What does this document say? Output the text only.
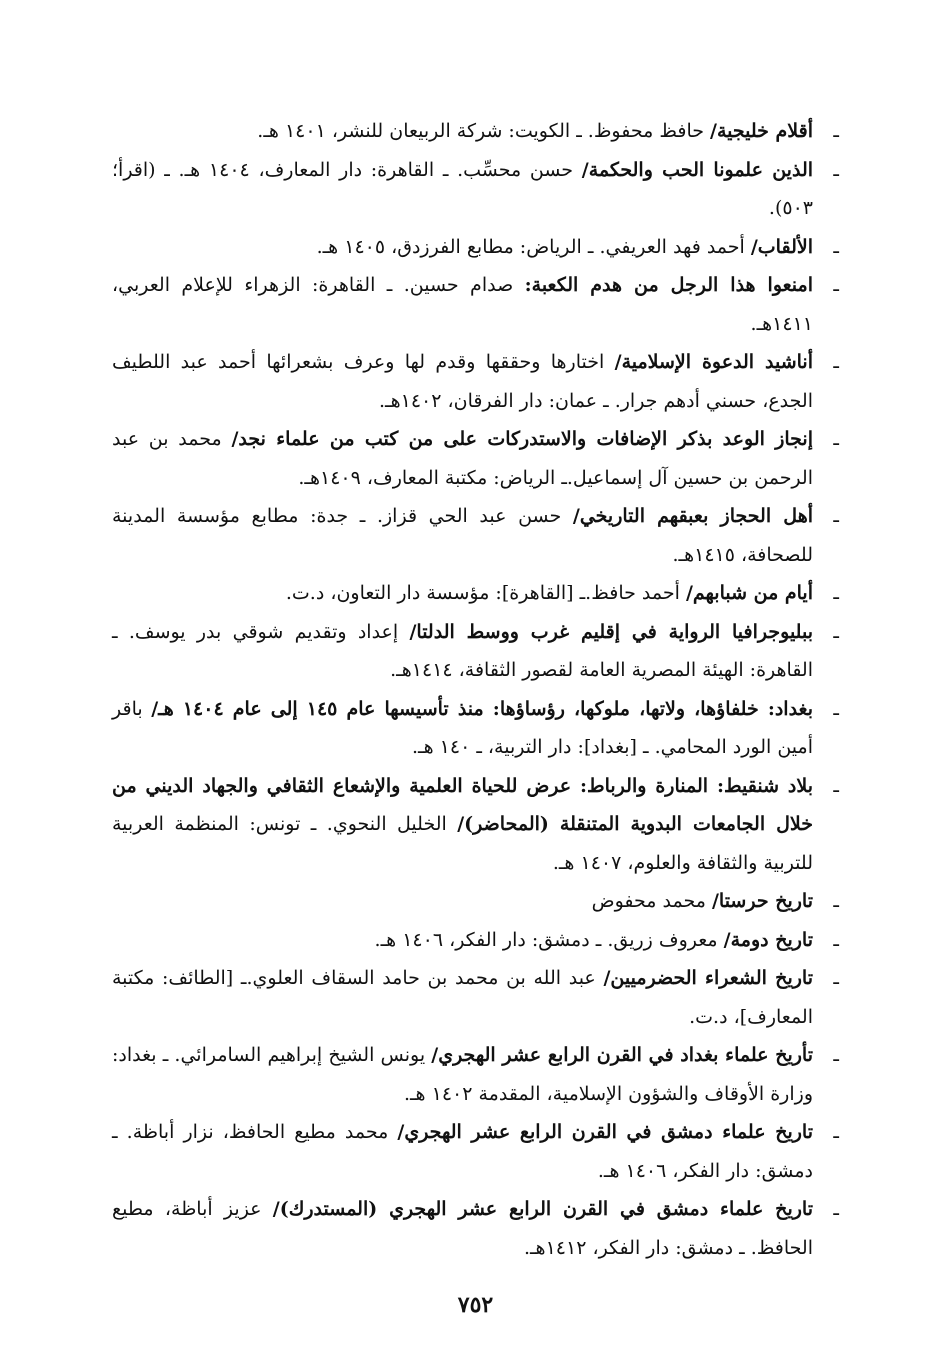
ـ
أقلام خليجية/ حافظ محفوظ. ـ الكويت: شركة الربيعان للنشر، ١٤٠١ هـ.
ـ
الذين علمونا الحب والحكمة/ حسن محسِّب. ـ القاهرة: دار المعارف، ١٤٠٤ هـ. ـ (اقرأ؛ ٥٠٣).
ـ
الألقاب/ أحمد فهد العريفي. ـ الرياض: مطابع الفرزدق، ١٤٠٥ هـ.
ـ
امنعوا هذا الرجل من هدم الكعبة: صدام حسين. ـ القاهرة: الزهراء للإعلام العربي، ١٤١١هـ.
ـ
أناشيد الدعوة الإسلامية/ اختارها وحققها وقدم لها وعرف بشعرائها أحمد عبد اللطيف الجدع، حسني أدهم جرار. ـ عمان: دار الفرقان، ١٤٠٢هـ.
ـ
إنجاز الوعد بذكر الإضافات والاستدركات على من كتب من علماء نجد/ محمد بن عبد الرحمن بن حسين آل إسماعيل.ـ الرياض: مكتبة المعارف، ١٤٠٩هـ.
ـ
أهل الحجاز بعبقهم التاريخي/ حسن عبد الحي قزاز. ـ جدة: مطابع مؤسسة المدينة للصحافة، ١٤١٥هـ.
ـ
أيام من شبابهم/ أحمد حافظ.ـ [القاهرة]: مؤسسة دار التعاون، د.ت.
ـ
ببليوجرافيا الرواية في إقليم غرب ووسط الدلتا/ إعداد وتقديم شوقي بدر يوسف. ـ القاهرة: الهيئة المصرية العامة لقصور الثقافة، ١٤١٤هـ.
ـ
بغداد: خلفاؤها، ولاتها، ملوكها، رؤساؤها: منذ تأسيسها عام ١٤٥ إلى عام ١٤٠٤ هـ/ باقر أمين الورد المحامي. ـ [بغداد]: دار التربية، ـ ١٤٠ هـ.
ـ
بلاد شنقيط: المنارة والرباط: عرض للحياة العلمية والإشعاع الثقافي والجهاد الديني من خلال الجامعات البدوية المتنقلة (المحاضر)/ الخليل النحوي. ـ تونس: المنظمة العربية للتربية والثقافة والعلوم، ١٤٠٧ هـ.
ـ
تاريخ حرستا/ محمد محفوض
ـ
تاريخ دومة/ معروف زريق. ـ دمشق: دار الفكر، ١٤٠٦ هـ.
ـ
تاريخ الشعراء الحضرميين/ عبد الله بن محمد بن حامد السقاف العلوي.ـ [الطائف: مكتبة المعارف]، د.ت.
ـ
تأريخ علماء بغداد في القرن الرابع عشر الهجري/ يونس الشيخ إبراهيم السامرائي. ـ بغداد: وزارة الأوقاف والشؤون الإسلامية، المقدمة ١٤٠٢ هـ.
ـ
تاريخ علماء دمشق في القرن الرابع عشر الهجري/ محمد مطيع الحافظ، نزار أباظة. ـ دمشق: دار الفكر، ١٤٠٦ هـ.
ـ
تاريخ علماء دمشق في القرن الرابع عشر الهجري (المستدرك)/ عزيز أباظة، مطيع الحافظ. ـ دمشق: دار الفكر، ١٤١٢هـ.
٧٥٢
